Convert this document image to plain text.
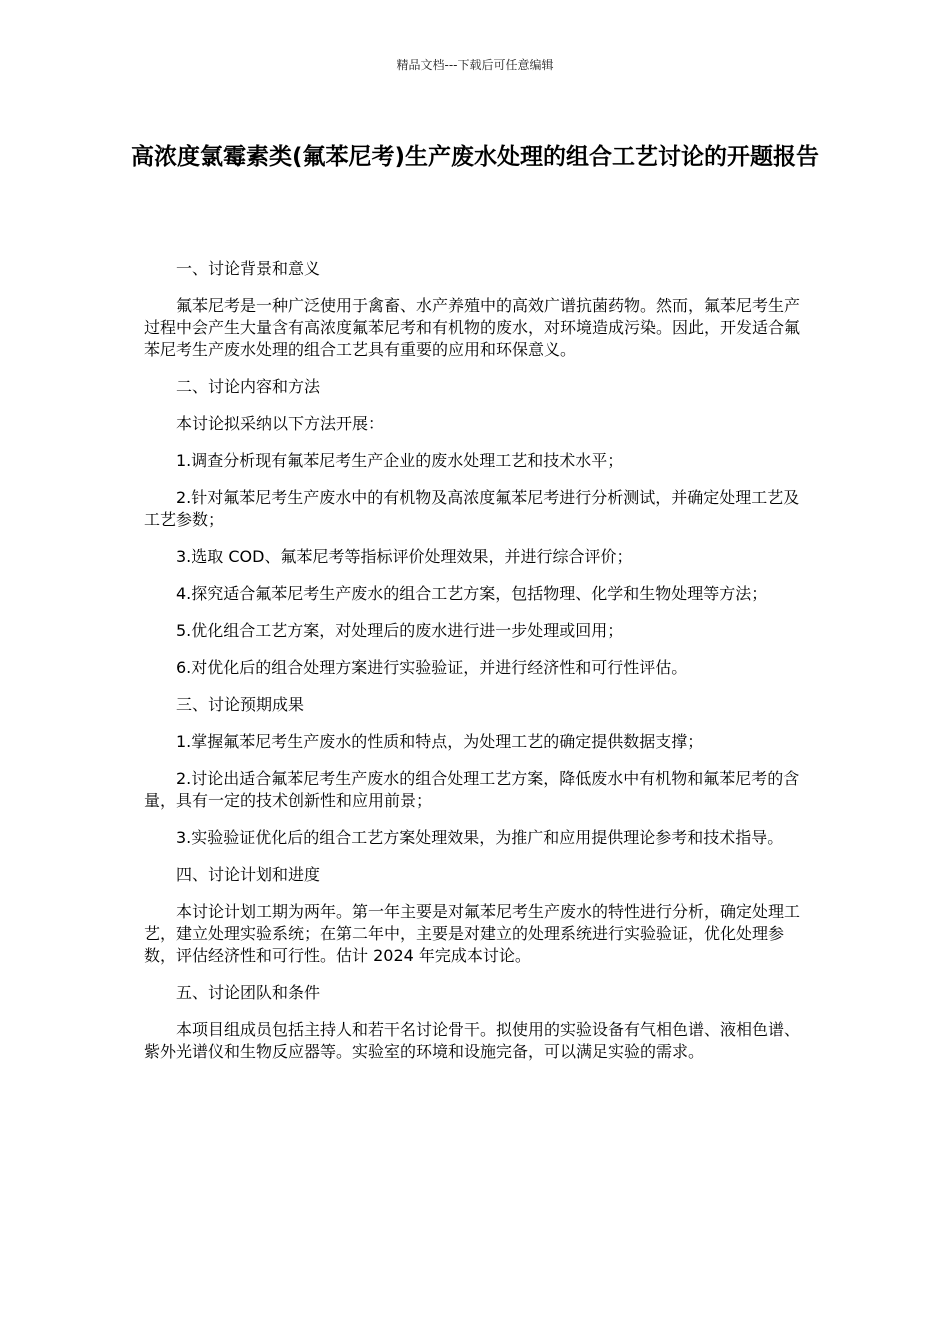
精品文档---下载后可任意编辑
高浓度氯霉素类(氟苯尼考)生产废水处理的组合工艺讨论的开题报告

一、讨论背景和意义

氟苯尼考是一种广泛使用于禽畜、水产养殖中的高效广谱抗菌药物。然而，氟苯尼考生产过程中会产生大量含有高浓度氟苯尼考和有机物的废水，对环境造成污染。因此，开发适合氟苯尼考生产废水处理的组合工艺具有重要的应用和环保意义。

二、讨论内容和方法

本讨论拟采纳以下方法开展：

1.调查分析现有氟苯尼考生产企业的废水处理工艺和技术水平；

2.针对氟苯尼考生产废水中的有机物及高浓度氟苯尼考进行分析测试，并确定处理工艺及工艺参数；

3.选取 COD、氟苯尼考等指标评价处理效果，并进行综合评价；

4.探究适合氟苯尼考生产废水的组合工艺方案，包括物理、化学和生物处理等方法；

5.优化组合工艺方案，对处理后的废水进行进一步处理或回用；

6.对优化后的组合处理方案进行实验验证，并进行经济性和可行性评估。

三、讨论预期成果

1.掌握氟苯尼考生产废水的性质和特点，为处理工艺的确定提供数据支撑；

2.讨论出适合氟苯尼考生产废水的组合处理工艺方案，降低废水中有机物和氟苯尼考的含量，具有一定的技术创新性和应用前景；

3.实验验证优化后的组合工艺方案处理效果，为推广和应用提供理论参考和技术指导。

四、讨论计划和进度

本讨论计划工期为两年。第一年主要是对氟苯尼考生产废水的特性进行分析，确定处理工艺，建立处理实验系统；在第二年中，主要是对建立的处理系统进行实验验证，优化处理参数，评估经济性和可行性。估计 2024 年完成本讨论。

五、讨论团队和条件

本项目组成员包括主持人和若干名讨论骨干。拟使用的实验设备有气相色谱、液相色谱、紫外光谱仪和生物反应器等。实验室的环境和设施完备，可以满足实验的需求。
